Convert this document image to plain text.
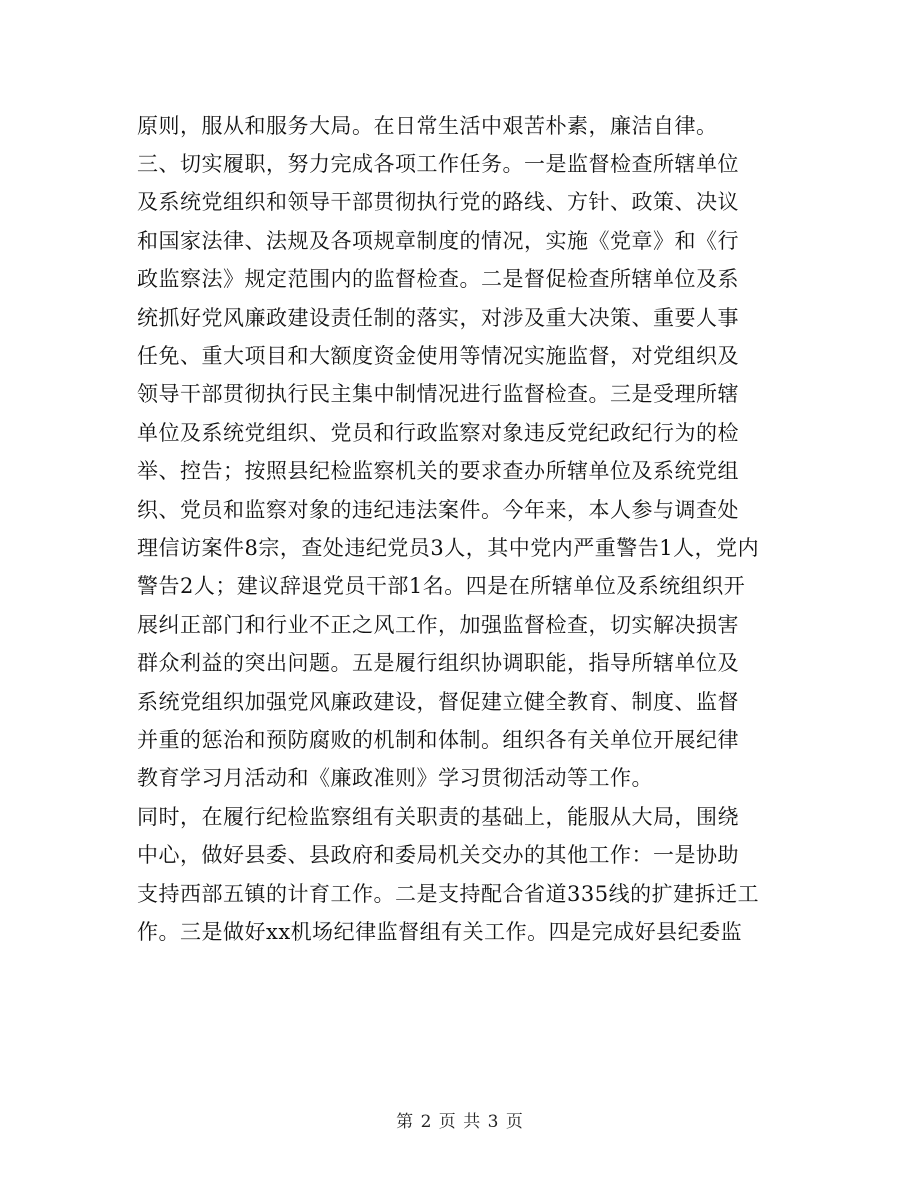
原则，服从和服务大局。在日常生活中艰苦朴素，廉洁自律。
三、切实履职，努力完成各项工作任务。一是监督检查所辖单位
及系统党组织和领导干部贯彻执行党的路线、方针、政策、决议
和国家法律、法规及各项规章制度的情况，实施《党章》和《行
政监察法》规定范围内的监督检查。二是督促检查所辖单位及系
统抓好党风廉政建设责任制的落实，对涉及重大决策、重要人事
任免、重大项目和大额度资金使用等情况实施监督，对党组织及
领导干部贯彻执行民主集中制情况进行监督检查。三是受理所辖
单位及系统党组织、党员和行政监察对象违反党纪政纪行为的检
举、控告；按照县纪检监察机关的要求查办所辖单位及系统党组
织、党员和监察对象的违纪违法案件。今年来，本人参与调查处
理信访案件8宗，查处违纪党员3人，其中党内严重警告1人，党内
警告2人；建议辞退党员干部1名。四是在所辖单位及系统组织开
展纠正部门和行业不正之风工作，加强监督检查，切实解决损害
群众利益的突出问题。五是履行组织协调职能，指导所辖单位及
系统党组织加强党风廉政建设，督促建立健全教育、制度、监督
并重的惩治和预防腐败的机制和体制。组织各有关单位开展纪律
教育学习月活动和《廉政准则》学习贯彻活动等工作。
同时，在履行纪检监察组有关职责的基础上，能服从大局，围绕
中心，做好县委、县政府和委局机关交办的其他工作：一是协助
支持西部五镇的计育工作。二是支持配合省道335线的扩建拆迁工
作。三是做好xx机场纪律监督组有关工作。四是完成好县纪委监
第 2 页 共 3 页
